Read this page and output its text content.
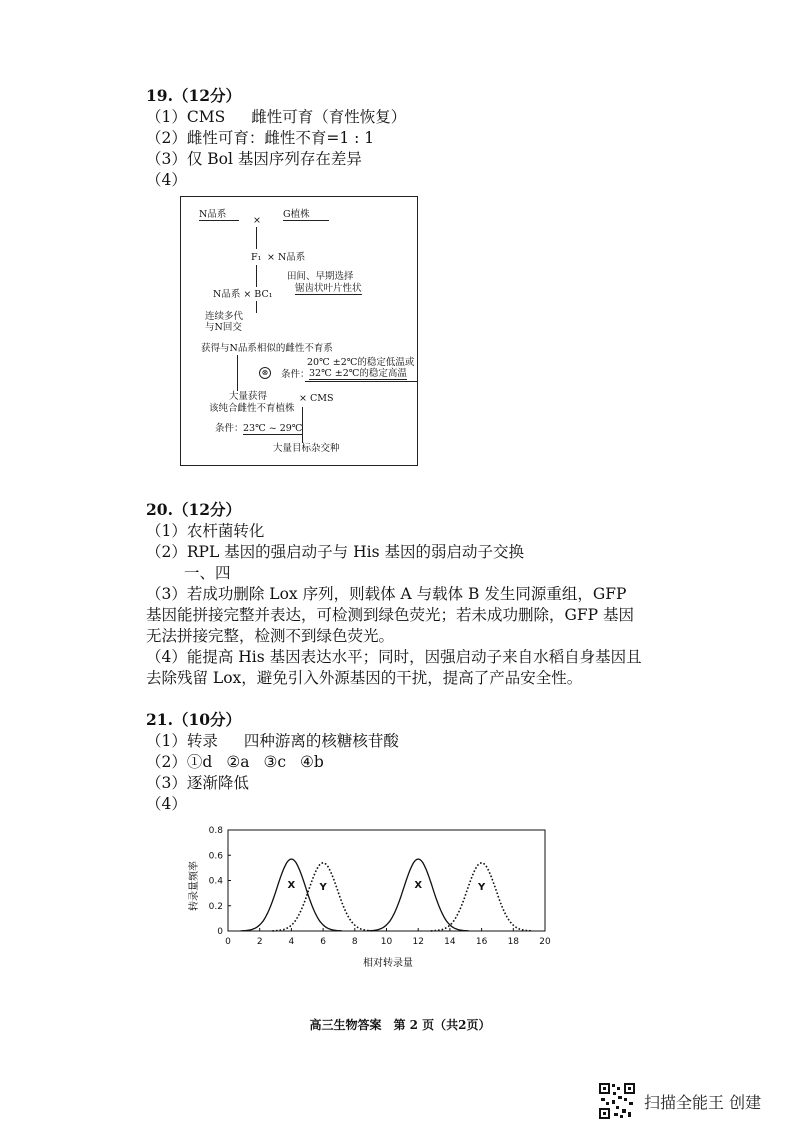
19.（12分）
（1）CMS 雌性可育（育性恢复）
（2）雌性可育：雌性不育=1 : 1
（3）仅 Bol 基因序列存在差异
（4）
N品系
×
G植株
F₁ × N品系
田间、早期选择
锯齿状叶片性状
N品系 × BC₁
连续多代
与N回交
获得与N品系相似的雌性不育系
20℃ ±2℃的稳定低温或
⊗ 条件： 32℃ ±2℃的稳定高温
大量获得	× CMS
该纯合雌性不育植株
条件： 23℃ ~ 29℃
大量目标杂交种
20.（12分）
（1）农杆菌转化
（2）RPL 基因的强启动子与 His 基因的弱启动子交换
一、四
（3）若成功删除 Lox 序列，则载体 A 与载体 B 发生同源重组，GFP 基因能拼接完整并表达，可检测到绿色荧光；若未成功删除，GFP 基因无法拼接完整，检测不到绿色荧光。
（4）能提高 His 基因表达水平；同时，因强启动子来自水稻自身基因且去除残留 Lox，避免引入外源基因的干扰，提高了产品安全性。
21.（10分）
（1）转录 四种游离的核糖核苷酸
（2）①d ②a ③c ④b
（3）逐渐降低
（4）
0	2	4	6	8	10 12 14 16 18 20
0
0.2
0.4
0.6
0.8
X	X
Y	Y
转录量频率
相对转录量
高三生物答案　第 2 页（共2页）
扫描全能王 创建
